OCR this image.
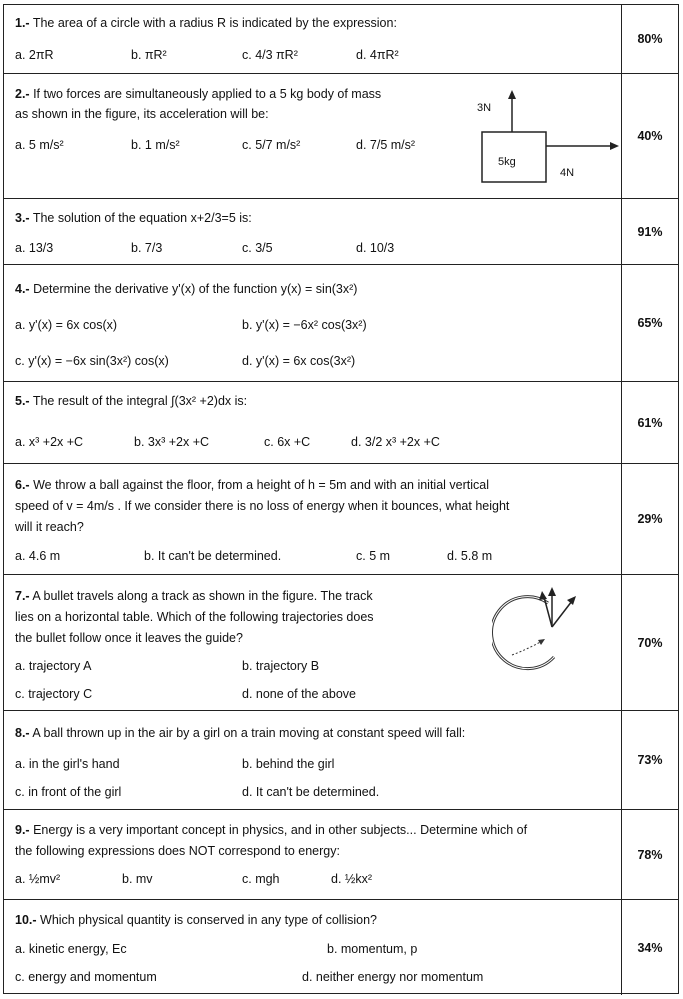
1.- The area of a circle with a radius R is indicated by the expression:
a. 2πR	b. πR²	c. 4/3 πR²	d. 4πR²
80%
2.- If two forces are simultaneously applied to a 5 kg body of mass
as shown in the figure, its acceleration will be:
a. 5 m/s²	b. 1 m/s²	c. 5/7 m/s²	d. 7/5 m/s²
3N
5kg
4N
40%
3.- The solution of the equation x+2/3=5 is:
a. 13/3	b. 7/3	c. 3/5	d. 10/3
91%
4.- Determine the derivative y'(x) of the function y(x) = sin(3x²)
a. y'(x) = 6x cos(x)	b. y'(x) = −6x² cos(3x²)
c. y'(x) = −6x sin(3x²) cos(x)	d. y'(x) = 6x cos(3x²)
65%
5.- The result of the integral ∫(3x² +2)dx is:
a. x³ +2x +C	b. 3x³ +2x +C	c. 6x +C	d. 3/2 x³ +2x +C
61%
6.- We throw a ball against the floor, from a height of h = 5m and with an initial vertical
speed of v = 4m/s . If we consider there is no loss of energy when it bounces, what height
will it reach?
a. 4.6 m	b. It can't be determined.	c. 5 m	d. 5.8 m
29%
7.- A bullet travels along a track as shown in the figure. The track
lies on a horizontal table. Which of the following trajectories does
the bullet follow once it leaves the guide?
a. trajectory A	b. trajectory B
c. trajectory C	d. none of the above
70%
8.- A ball thrown up in the air by a girl on a train moving at constant speed will fall:
a. in the girl's hand	b. behind the girl
c. in front of the girl	d. It can't be determined.
73%
9.- Energy is a very important concept in physics, and in other subjects... Determine which of
the following expressions does NOT correspond to energy:
a. ½mv²	b. mv	c. mgh	d. ½kx²
78%
10.- Which physical quantity is conserved in any type of collision?
a. kinetic energy, Ec	b. momentum, p
c. energy and momentum	d. neither energy nor momentum
34%
